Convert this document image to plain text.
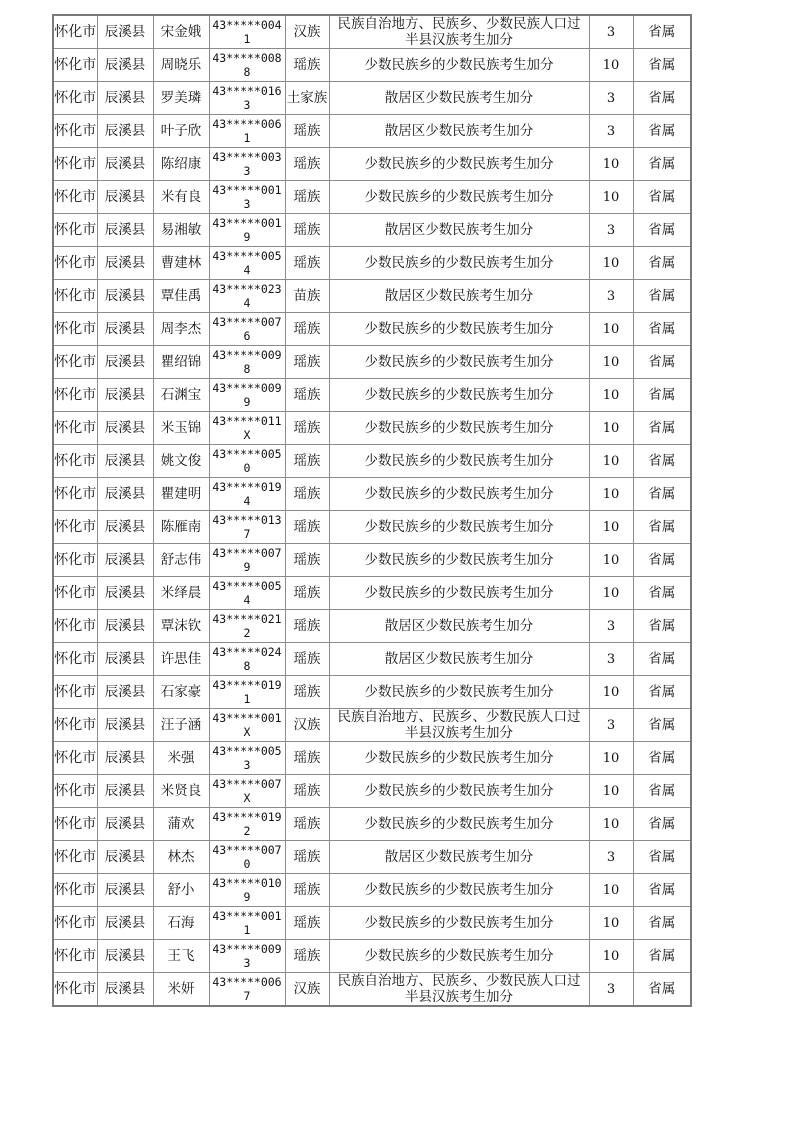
怀化市	辰溪县	宋金娥	43*****0041	汉族	民族自治地方、民族乡、少数民族人口过半县汉族考生加分	3	省属
怀化市	辰溪县	周晓乐	43*****0088	瑶族	少数民族乡的少数民族考生加分	10	省属
怀化市	辰溪县	罗美璘	43*****0163	土家族	散居区少数民族考生加分	3	省属
怀化市	辰溪县	叶子欣	43*****0061	瑶族	散居区少数民族考生加分	3	省属
怀化市	辰溪县	陈绍康	43*****0033	瑶族	少数民族乡的少数民族考生加分	10	省属
怀化市	辰溪县	米有良	43*****0013	瑶族	少数民族乡的少数民族考生加分	10	省属
怀化市	辰溪县	易湘敏	43*****0019	瑶族	散居区少数民族考生加分	3	省属
怀化市	辰溪县	曹建林	43*****0054	瑶族	少数民族乡的少数民族考生加分	10	省属
怀化市	辰溪县	覃佳禹	43*****0234	苗族	散居区少数民族考生加分	3	省属
怀化市	辰溪县	周李杰	43*****0076	瑶族	少数民族乡的少数民族考生加分	10	省属
怀化市	辰溪县	瞿绍锦	43*****0098	瑶族	少数民族乡的少数民族考生加分	10	省属
怀化市	辰溪县	石渊宝	43*****0099	瑶族	少数民族乡的少数民族考生加分	10	省属
怀化市	辰溪县	米玉锦	43*****011X	瑶族	少数民族乡的少数民族考生加分	10	省属
怀化市	辰溪县	姚文俊	43*****0050	瑶族	少数民族乡的少数民族考生加分	10	省属
怀化市	辰溪县	瞿建明	43*****0194	瑶族	少数民族乡的少数民族考生加分	10	省属
怀化市	辰溪县	陈雁南	43*****0137	瑶族	少数民族乡的少数民族考生加分	10	省属
怀化市	辰溪县	舒志伟	43*****0079	瑶族	少数民族乡的少数民族考生加分	10	省属
怀化市	辰溪县	米绎晨	43*****0054	瑶族	少数民族乡的少数民族考生加分	10	省属
怀化市	辰溪县	覃沫钦	43*****0212	瑶族	散居区少数民族考生加分	3	省属
怀化市	辰溪县	许思佳	43*****0248	瑶族	散居区少数民族考生加分	3	省属
怀化市	辰溪县	石家豪	43*****0191	瑶族	少数民族乡的少数民族考生加分	10	省属
怀化市	辰溪县	汪子涵	43*****001X	汉族	民族自治地方、民族乡、少数民族人口过半县汉族考生加分	3	省属
怀化市	辰溪县	米强	43*****0053	瑶族	少数民族乡的少数民族考生加分	10	省属
怀化市	辰溪县	米贤良	43*****007X	瑶族	少数民族乡的少数民族考生加分	10	省属
怀化市	辰溪县	蒲欢	43*****0192	瑶族	少数民族乡的少数民族考生加分	10	省属
怀化市	辰溪县	林杰	43*****0070	瑶族	散居区少数民族考生加分	3	省属
怀化市	辰溪县	舒小	43*****0109	瑶族	少数民族乡的少数民族考生加分	10	省属
怀化市	辰溪县	石海	43*****0011	瑶族	少数民族乡的少数民族考生加分	10	省属
怀化市	辰溪县	王飞	43*****0093	瑶族	少数民族乡的少数民族考生加分	10	省属
怀化市	辰溪县	米妍	43*****0067	汉族	民族自治地方、民族乡、少数民族人口过半县汉族考生加分	3	省属
